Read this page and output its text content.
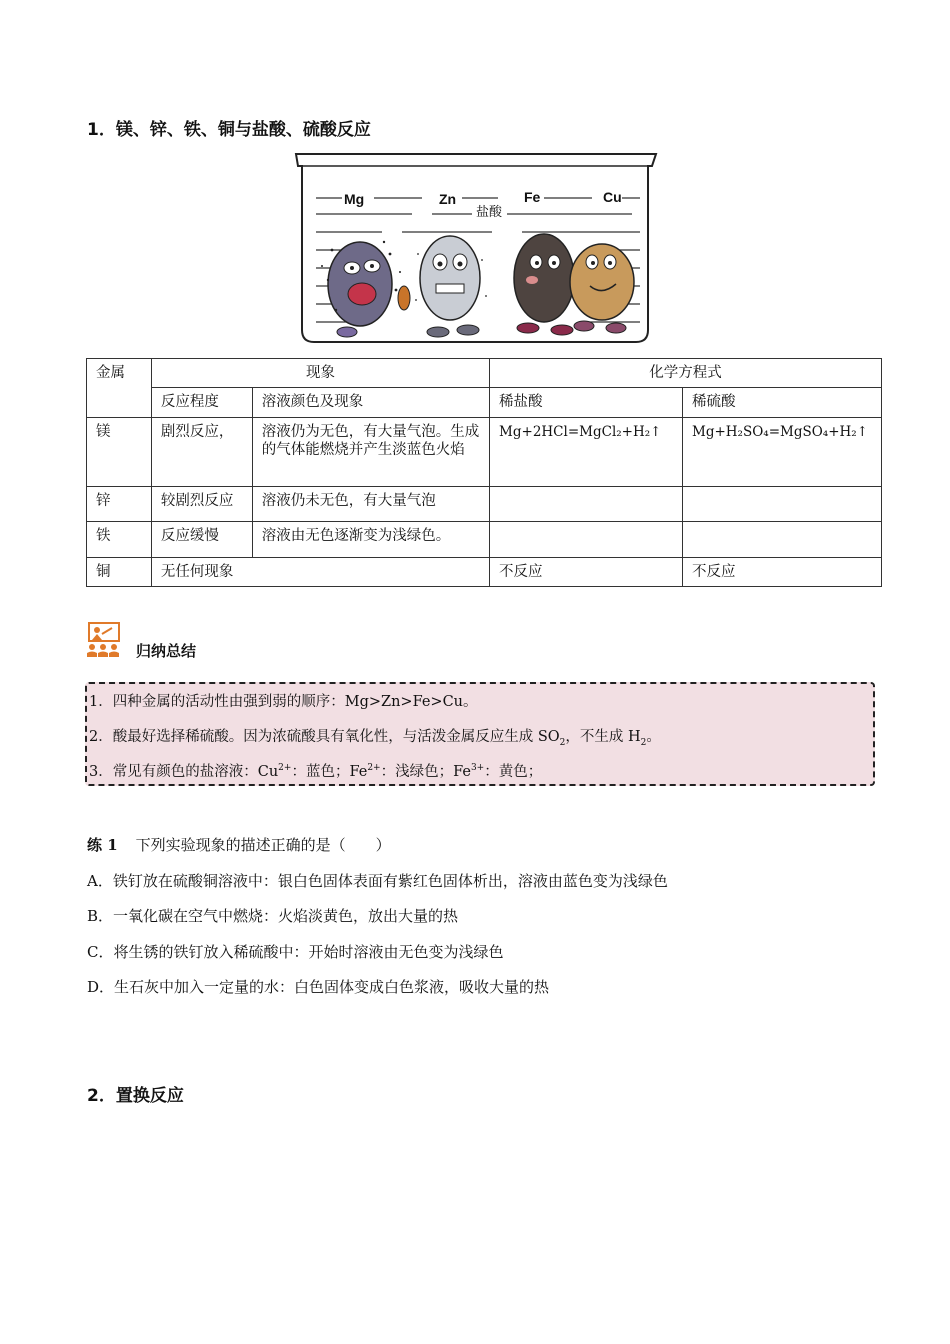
1．镁、锌、铁、铜与盐酸、硫酸反应
Mg	Zn	Fe	Cu
盐酸
金属	现象		化学方程式	
	反应程度	溶液颜色及现象	稀盐酸	稀硫酸
镁	剧烈反应，	溶液仍为无色，有大量气泡。生成的气体能燃烧并产生淡蓝色火焰	Mg+2HCl=MgCl₂+H₂↑	Mg+H₂SO₄=MgSO₄+H₂↑
锌	较剧烈反应	溶液仍未无色，有大量气泡		
铁	反应缓慢	溶液由无色逐渐变为浅绿色。		
铜	无任何现象		不反应	不反应
归纳总结
1．四种金属的活动性由强到弱的顺序：Mg>Zn>Fe>Cu。
2．酸最好选择稀硫酸。因为浓硫酸具有氧化性，与活泼金属反应生成 $SO_2$，不生成 $H_2$。
3．常见有颜色的盐溶液：$Cu^{2+}$：蓝色；$Fe^{2+}$：浅绿色；$Fe^{3+}$：黄色；
练 1 下列实验现象的描述正确的是（　　）
A．铁钉放在硫酸铜溶液中：银白色固体表面有紫红色固体析出，溶液由蓝色变为浅绿色
B．一氧化碳在空气中燃烧：火焰淡黄色，放出大量的热
C．将生锈的铁钉放入稀硫酸中：开始时溶液由无色变为浅绿色
D．生石灰中加入一定量的水：白色固体变成白色浆液，吸收大量的热
2．置换反应
